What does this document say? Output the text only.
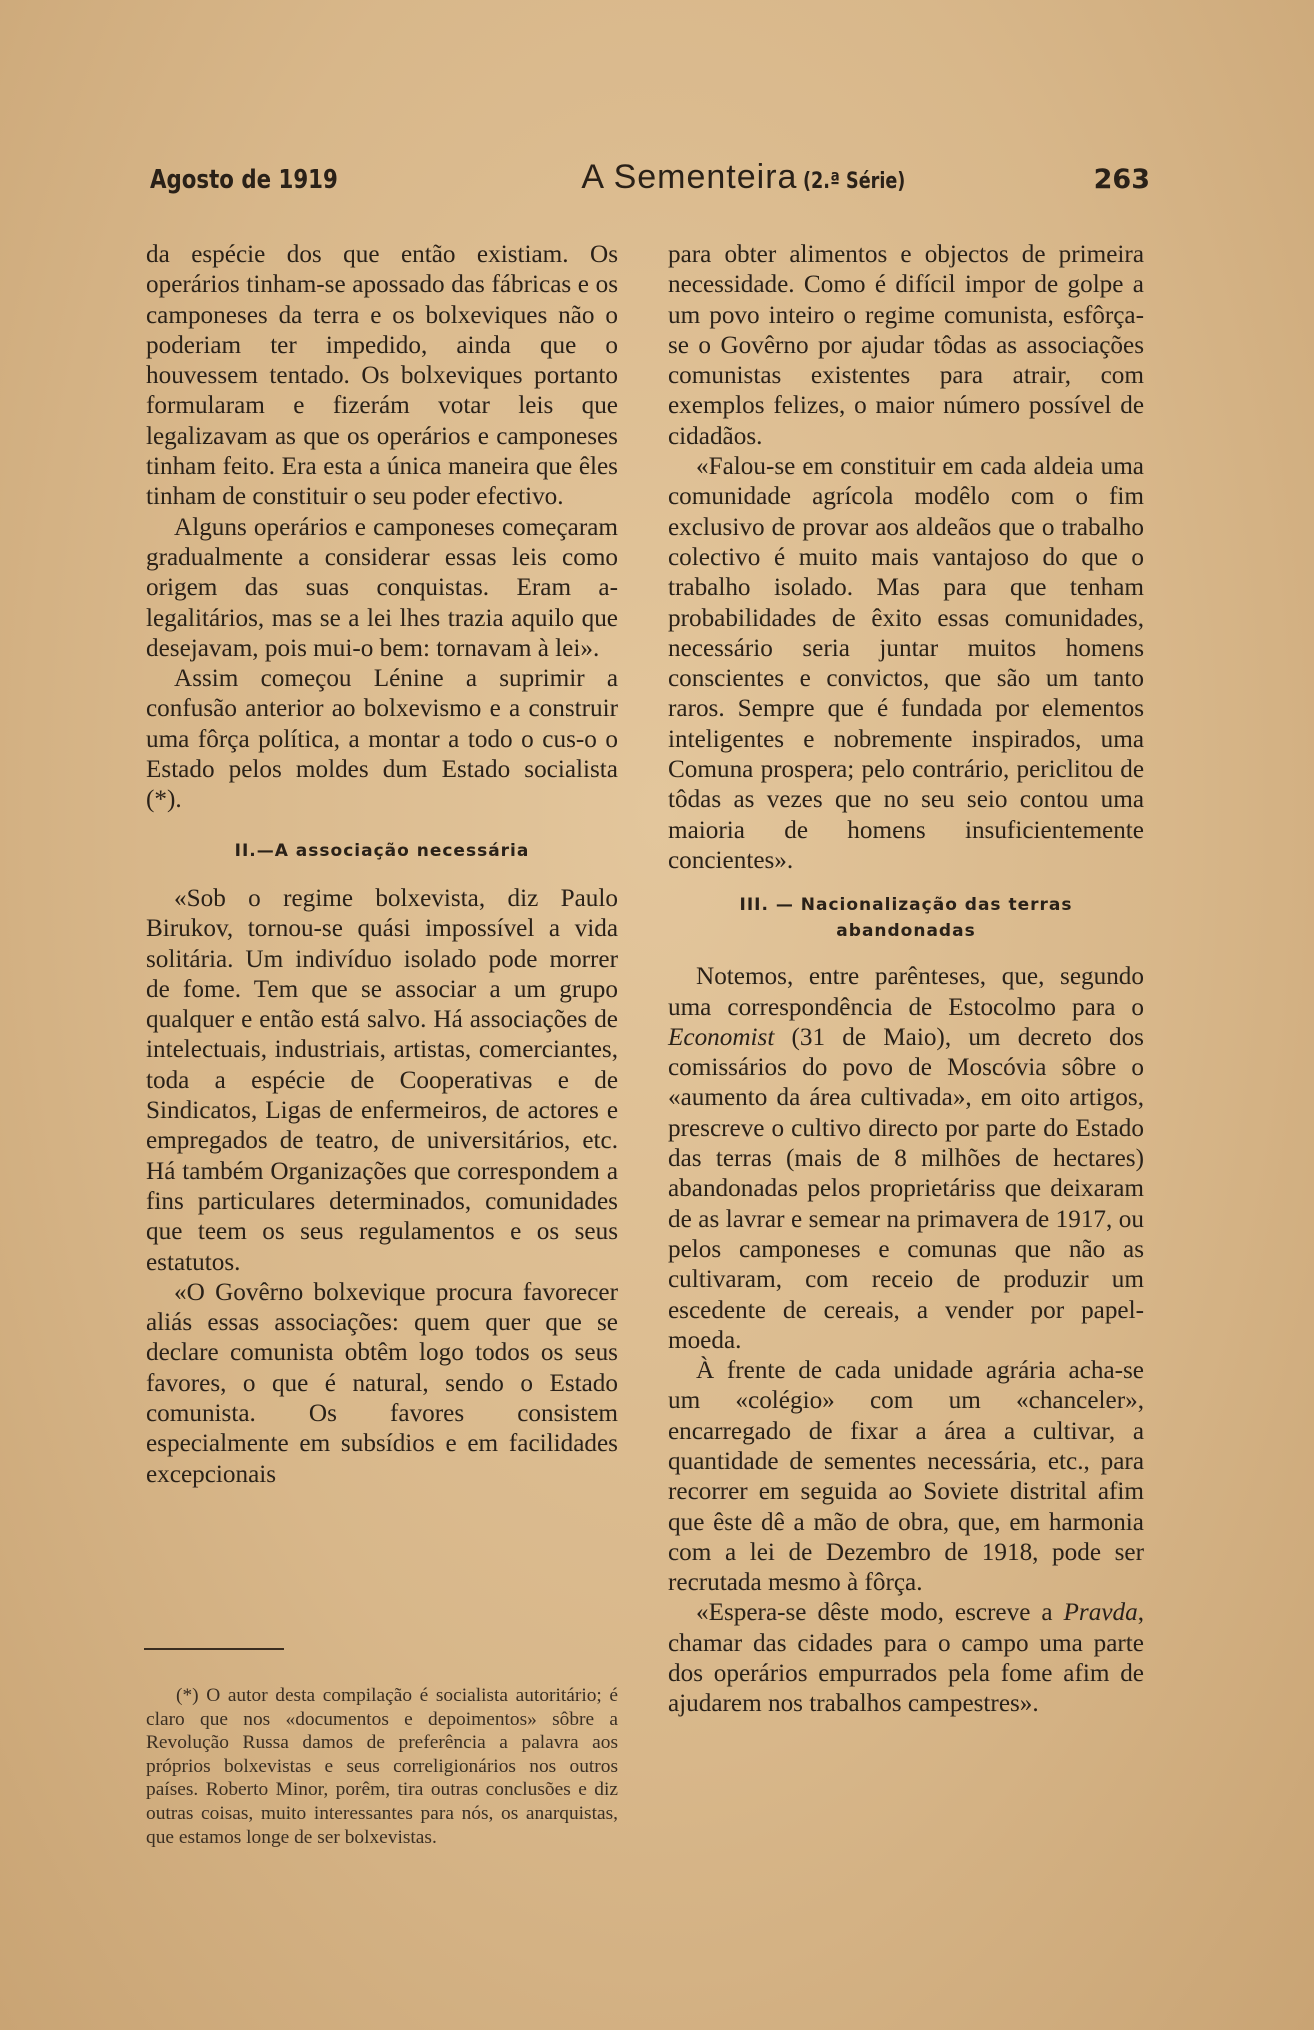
Agosto de 1919	A Sementeira (2.ª Série)	263

da espécie dos que então existiam. Os operários tinham-se apossado das fábricas e os camponeses da terra e os bolxeviques não o poderiam ter impedido, ainda que o houvessem tentado. Os bolxeviques portanto formularam e fizerám votar leis que legalizavam as que os operários e camponeses tinham feito. Era esta a única maneira que êles tinham de constituir o seu poder efectivo.

Alguns operários e camponeses começaram gradualmente a considerar essas leis como origem das suas conquistas. Eram a-legalitários, mas se a lei lhes trazia aquilo que desejavam, pois mui-o bem: tornavam à lei».

Assim começou Lénine a suprimir a confusão anterior ao bolxevismo e a construir uma fôrça política, a montar a todo o cus-o o Estado pelos moldes dum Estado socialista (*).

II.—A associação necessária

«Sob o regime bolxevista, diz Paulo Birukov, tornou-se quási impossível a vida solitária. Um indivíduo isolado pode morrer de fome. Tem que se associar a um grupo qualquer e então está salvo. Há associações de intelectuais, industriais, artistas, comerciantes, toda a espécie de Cooperativas e de Sindicatos, Ligas de enfermeiros, de actores e empregados de teatro, de universitários, etc. Há também Organizações que correspondem a fins particulares determinados, comunidades que teem os seus regulamentos e os seus estatutos.

«O Govêrno bolxevique procura favorecer aliás essas associações: quem quer que se declare comunista obtêm logo todos os seus favores, o que é natural, sendo o Estado comunista. Os favores consistem especialmente em subsídios e em facilidades excepcionais

(*) O autor desta compilação é socialista autoritário; é claro que nos «documentos e depoimentos» sôbre a Revolução Russa damos de preferência a palavra aos próprios bolxevistas e seus correligionários nos outros países. Roberto Minor, porêm, tira outras conclusões e diz outras coisas, muito interessantes para nós, os anarquistas, que estamos longe de ser bolxevistas.

para obter alimentos e objectos de primeira necessidade. Como é difícil impor de golpe a um povo inteiro o regime comunista, esfôrça-se o Govêrno por ajudar tôdas as associações comunistas existentes para atrair, com exemplos felizes, o maior número possível de cidadãos.

«Falou-se em constituir em cada aldeia uma comunidade agrícola modêlo com o fim exclusivo de provar aos aldeãos que o trabalho colectivo é muito mais vantajoso do que o trabalho isolado. Mas para que tenham probabilidades de êxito essas comunidades, necessário seria juntar muitos homens conscientes e convictos, que são um tanto raros. Sempre que é fundada por elementos inteligentes e nobremente inspirados, uma Comuna prospera; pelo contrário, periclitou de tôdas as vezes que no seu seio contou uma maioria de homens insuficientemente concientes».

III. — Nacionalização das terras
abandonadas

Notemos, entre parênteses, que, segundo uma correspondência de Estocolmo para o Economist (31 de Maio), um decreto dos comissários do povo de Moscóvia sôbre o «aumento da área cultivada», em oito artigos, prescreve o cultivo directo por parte do Estado das terras (mais de 8 milhões de hectares) abandonadas pelos proprietáriss que deixaram de as lavrar e semear na primavera de 1917, ou pelos camponeses e comunas que não as cultivaram, com receio de produzir um escedente de cereais, a vender por papel-moeda.

À frente de cada unidade agrária acha-se um «colégio» com um «chanceler», encarregado de fixar a área a cultivar, a quantidade de sementes necessária, etc., para recorrer em seguida ao Soviete distrital afim que êste dê a mão de obra, que, em harmonia com a lei de Dezembro de 1918, pode ser recrutada mesmo à fôrça.

«Espera-se dêste modo, escreve a Pravda, chamar das cidades para o campo uma parte dos operários empurrados pela fome afim de ajudarem nos trabalhos campestres».
